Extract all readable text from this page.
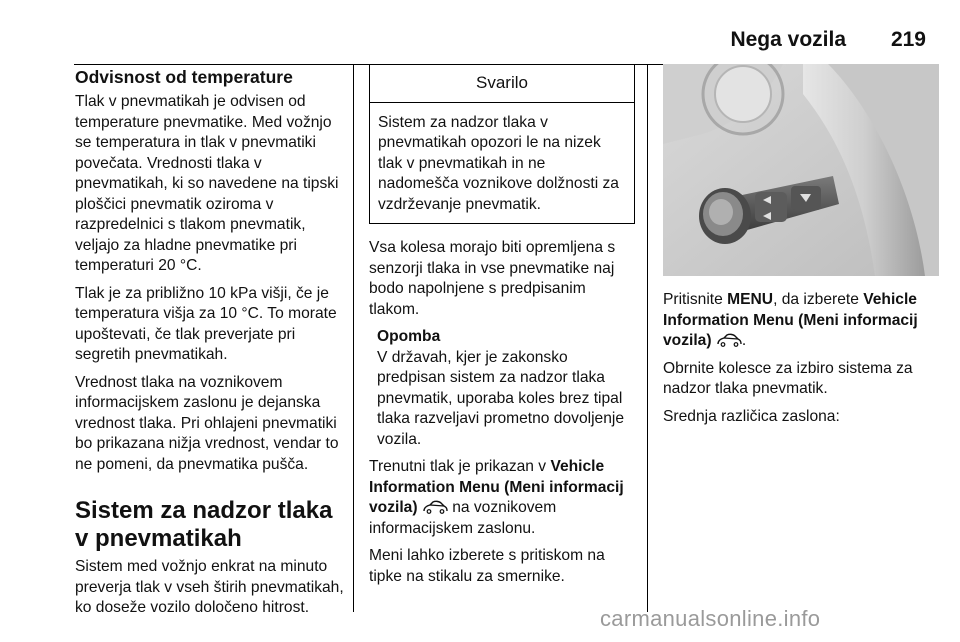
Nega vozila 219
Odvisnost od temperature

Tlak v pnevmatikah je odvisen od temperature pnevmatike. Med vožnjo se temperatura in tlak v pnevmatiki povečata. Vrednosti tlaka v pnevmatikah, ki so navedene na tipski ploščici pnevmatik oziroma v razpredelnici s tlakom pnevmatik, veljajo za hladne pnevmatike pri temperaturi 20 °C.

Tlak je za približno 10 kPa višji, če je temperatura višja za 10 °C. To morate upoštevati, če tlak preverjate pri segretih pnevmatikah.

Vrednost tlaka na voznikovem informacijskem zaslonu je dejanska vrednost tlaka. Pri ohlajeni pnevmatiki bo prikazana nižja vrednost, vendar to ne pomeni, da pnevmatika pušča.

Sistem za nadzor tlaka v pnevmatikah

Sistem med vožnjo enkrat na minuto preverja tlak v vseh štirih pnevmatikah, ko doseže vozilo določeno hitrost.

Svarilo
Sistem za nadzor tlaka v pnevmatikah opozori le na nizek tlak v pnevmatikah in ne nadomešča voznikove dolžnosti za vzdrževanje pnevmatik.

Vsa kolesa morajo biti opremljena s senzorji tlaka in vse pnevmatike naj bodo napolnjene s predpisanim tlakom.

Opomba
V državah, kjer je zakonsko predpisan sistem za nadzor tlaka pnevmatik, uporaba koles brez tipal tlaka razveljavi prometno dovoljenje vozila.

Trenutni tlak je prikazan v Vehicle Information Menu (Meni informacij vozila)  na voznikovem informacijskem zaslonu.

Meni lahko izberete s pritiskom na tipke na stikalu za smernike.

Pritisnite MENU, da izberete Vehicle Information Menu (Meni informacij vozila) .

Obrnite kolesce za izbiro sistema za nadzor tlaka pnevmatik.

Srednja različica zaslona:

carmanualsonline.info
